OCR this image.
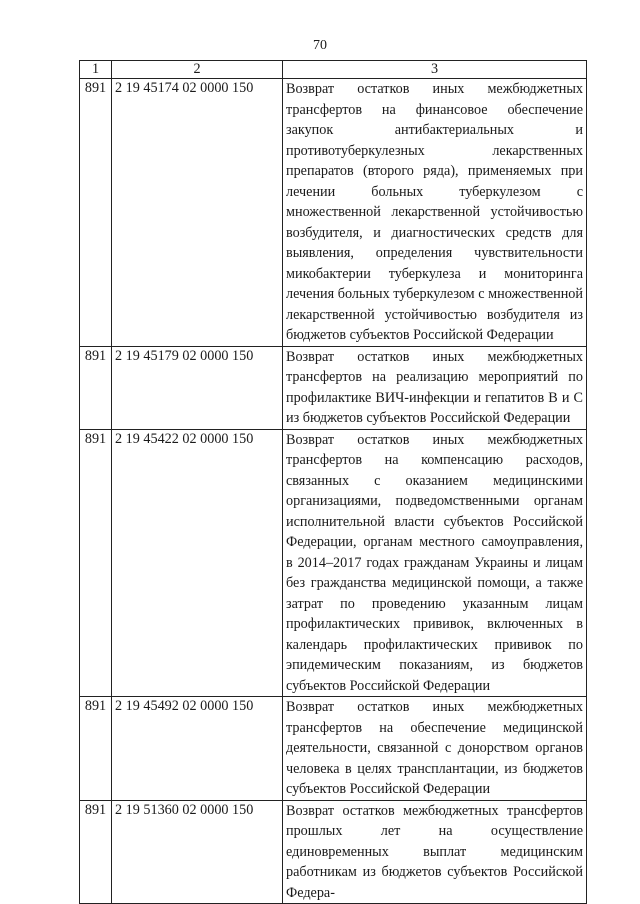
70
1	2	3
891	2 19 45174 02 0000 150	Возврат остатков иных межбюджетных трансфертов на финансовое обеспечение закупок антибактериальных и противотуберкулезных лекарственных препаратов (второго ряда), применяемых при лечении больных туберкулезом с множественной лекарственной устойчивостью возбудителя, и диагностических средств для выявления, определения чувствительности микобактерии туберкулеза и мониторинга лечения больных туберкулезом с множественной лекарственной устойчивостью возбудителя из бюджетов субъектов Российской Федерации
891	2 19 45179 02 0000 150	Возврат остатков иных межбюджетных трансфертов на реализацию мероприятий по профилактике ВИЧ-инфекции и гепатитов B и C из бюджетов субъектов Российской Федерации
891	2 19 45422 02 0000 150	Возврат остатков иных межбюджетных трансфертов на компенсацию расходов, связанных с оказанием медицинскими организациями, подведомственными органам исполнительной власти субъектов Российской Федерации, органам местного самоуправления, в 2014–2017 годах гражданам Украины и лицам без гражданства медицинской помощи, а также затрат по проведению указанным лицам профилактических прививок, включенных в календарь профилактических прививок по эпидемическим показаниям, из бюджетов субъектов Российской Федерации
891	2 19 45492 02 0000 150	Возврат остатков иных межбюджетных трансфертов на обеспечение медицинской деятельности, связанной с донорством органов человека в целях трансплантации, из бюджетов субъектов Российской Федерации
891	2 19 51360 02 0000 150	Возврат остатков межбюджетных трансфертов прошлых лет на осуществление единовременных выплат медицинским работникам из бюджетов субъектов Российской Федера-
